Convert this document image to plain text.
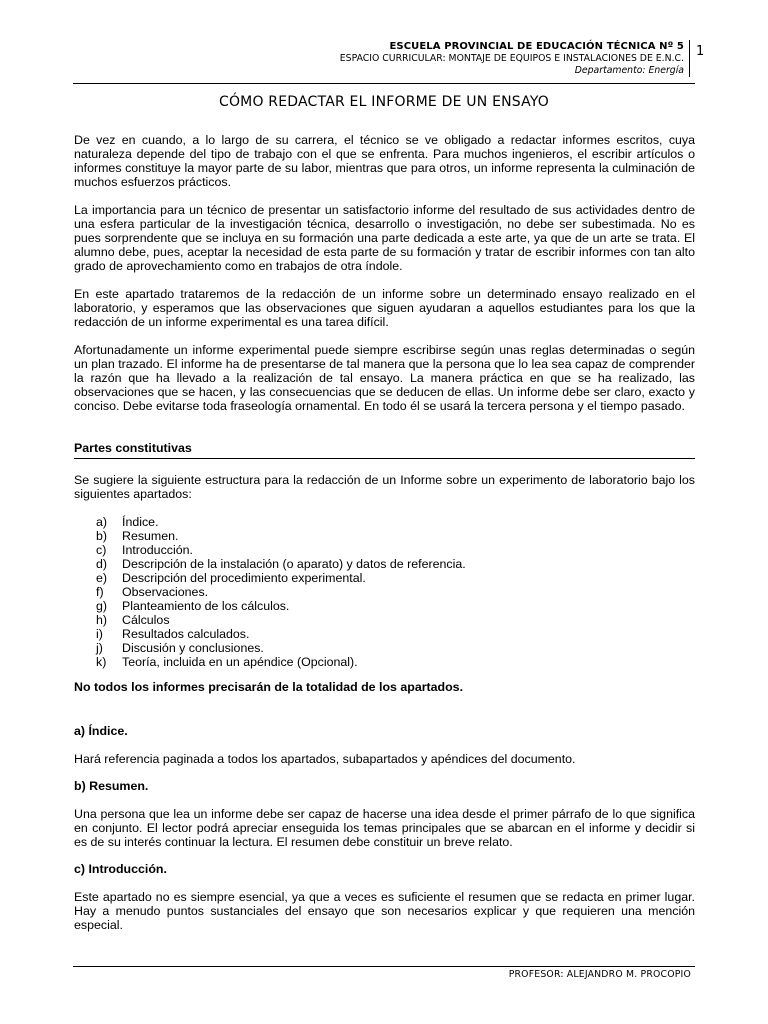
ESCUELA PROVINCIAL DE EDUCACIÓN TÉCNICA Nº 5
ESPACIO CURRICULAR: MONTAJE DE EQUIPOS E INSTALACIONES DE E.N.C.
Departamento: Energía
1
CÓMO REDACTAR EL INFORME DE UN ENSAYO

De vez en cuando, a lo largo de su carrera, el técnico se ve obligado a redactar informes escritos, cuya naturaleza depende del tipo de trabajo con el que se enfrenta. Para muchos ingenieros, el escribir artículos o informes constituye la mayor parte de su labor, mientras que para otros, un informe representa la culminación de muchos esfuerzos prácticos.

La importancia para un técnico de presentar un satisfactorio informe del resultado de sus actividades dentro de una esfera particular de la investigación técnica, desarrollo o investigación, no debe ser subestimada. No es pues sorprendente que se incluya en su formación una parte dedicada a este arte, ya que de un arte se trata. El alumno debe, pues, aceptar la necesidad de esta parte de su formación y tratar de escribir informes con tan alto grado de aprovechamiento como en trabajos de otra índole.

En este apartado trataremos de la redacción de un informe sobre un determinado ensayo realizado en el laboratorio, y esperamos que las observaciones que siguen ayudaran a aquellos estudiantes para los que la redacción de un informe experimental es una tarea difícil.

Afortunadamente un informe experimental puede siempre escribirse según unas reglas determinadas o según un plan trazado. El informe ha de presentarse de tal manera que la persona que lo lea sea capaz de comprender la razón que ha llevado a la realización de tal ensayo. La manera práctica en que se ha realizado, las observaciones que se hacen, y las consecuencias que se deducen de ellas. Un informe debe ser claro, exacto y conciso. Debe evitarse toda fraseología ornamental. En todo él se usará la tercera persona y el tiempo pasado.

Partes constitutivas

Se sugiere la siguiente estructura para la redacción de un Informe sobre un experimento de laboratorio bajo los siguientes apartados:

a)	Índice.
b)	Resumen.
c)	Introducción.
d)	Descripción de la instalación (o aparato) y datos de referencia.
e)	Descripción del procedimiento experimental.
f)	Observaciones.
g)	Planteamiento de los cálculos.
h)	Cálculos
i)	Resultados calculados.
j)	Discusión y conclusiones.
k)	Teoría, incluida en un apéndice (Opcional).

No todos los informes precisarán de la totalidad de los apartados.

a) Índice.

Hará referencia paginada a todos los apartados, subapartados y apéndices del documento.

b) Resumen.

Una persona que lea un informe debe ser capaz de hacerse una idea desde el primer párrafo de lo que significa en conjunto. El lector podrá apreciar enseguida los temas principales que se abarcan en el informe y decidir si es de su interés continuar la lectura. El resumen debe constituir un breve relato.

c) Introducción.

Este apartado no es siempre esencial, ya que a veces es suficiente el resumen que se redacta en primer lugar. Hay a menudo puntos sustanciales del ensayo que son necesarios explicar y que requieren una mención especial.

PROFESOR: ALEJANDRO M. PROCOPIO
